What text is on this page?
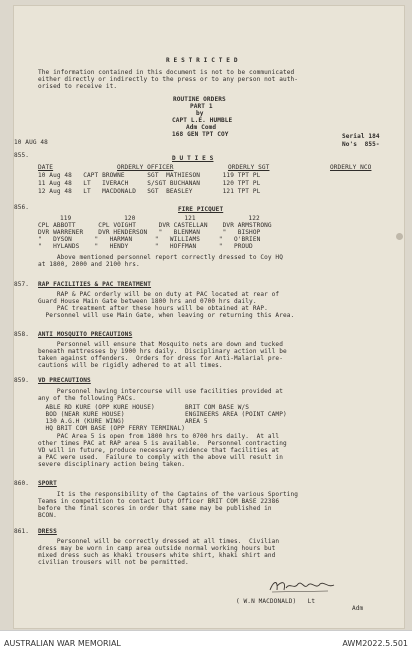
R E S T R I C T E D
The information contained in this document is not to be communicated
either directly or indirectly to the press or to any person not auth-
orised to receive it.
ROUTINE ORDERS
PART 1
by
CAPT L.E. HUMBLE
Adm Comd
168 GEN TPT COY
10 AUG 48
Serial 184
No's  855-
855.	D U T I E S
DATE	ORDERLY OFFICER	ORDERLY SGT	ORDERLY NCO
10 Aug 48   CAPT BROWNE      SGT  MATHIESON      119 TPT PL
11 Aug 48   LT   IVERACH     S/SGT BUCHANAN      120 TPT PL
12 Aug 48   LT   MACDONALD   SGT  BEASLEY        121 TPT PL
856.	FIRE PICQUET
119              120             121              122
CPL ABBOTT      CPL VOIGHT      DVR CASTELLAN    DVR ARMSTRONG
DVR WARRENER    DVR HENDERSON   "   BLENMAN      "   BISHOP
"   DYSON      "   HARMAN      "   WILLIAMS     "   O'BRIEN
"   HYLANDS    "   HENDY       "   HOFFMAN      "   PROUD
Above mentioned personnel report correctly dressed to Coy HQ
at 1800, 2000 and 2100 hrs.
857. RAP FACILITIES & PAC TREATMENT
RAP & PAC orderly will be on duty at PAC located at rear of
Guard House Main Gate between 1800 hrs and 0700 hrs daily.
PAC treatment after these hours will be obtained at RAP.
Personnel will use Main Gate, when leaving or returning this Area.
858. ANTI MOSQUITO PRECAUTIONS
Personnel will ensure that Mosquito nets are down and tucked
beneath mattresses by 1900 hrs daily.  Disciplinary action will be
taken against offenders.  Orders for dress for Anti-Malarial pre-
cautions will be rigidly adhered to at all times.
859. VD PRECAUTIONS
Personnel having intercourse will use facilities provided at
any of the following PACs.
ABLE RD KURE (OPP KURE HOUSE)        BRIT COM BASE W/S
BOD (NEAR KURE HOUSE)                ENGINEERS AREA (POINT CAMP)
130 A.G.H (KURE WING)                AREA 5
HQ BRIT COM BASE (OPP FERRY TERMINAL)
PAC Area 5 is open from 1800 hrs to 0700 hrs daily.  At all
other times PAC at RAP area 5 is available.  Personnel contracting
VD will in future, produce necessary evidence that facilities at
a PAC were used.  Failure to comply with the above will result in
severe disciplinary action being taken.
860. SPORT
It is the responsibility of the Captains of the various Sporting
Teams in competition to contact Duty Officer BRIT COM BASE 22386
before the final scores in order that same may be published in
BCON.
861. DRESS
Personnel will be correctly dressed at all times.  Civilian
dress may be worn in camp area outside normal working hours but
mixed dress such as khaki trousers white shirt, khaki shirt and
civilian trousers will not be permitted.
( W.N MACDONALD)   Lt
Adm
AUSTRALIAN WAR MEMORIAL	AWM2022.5.501
